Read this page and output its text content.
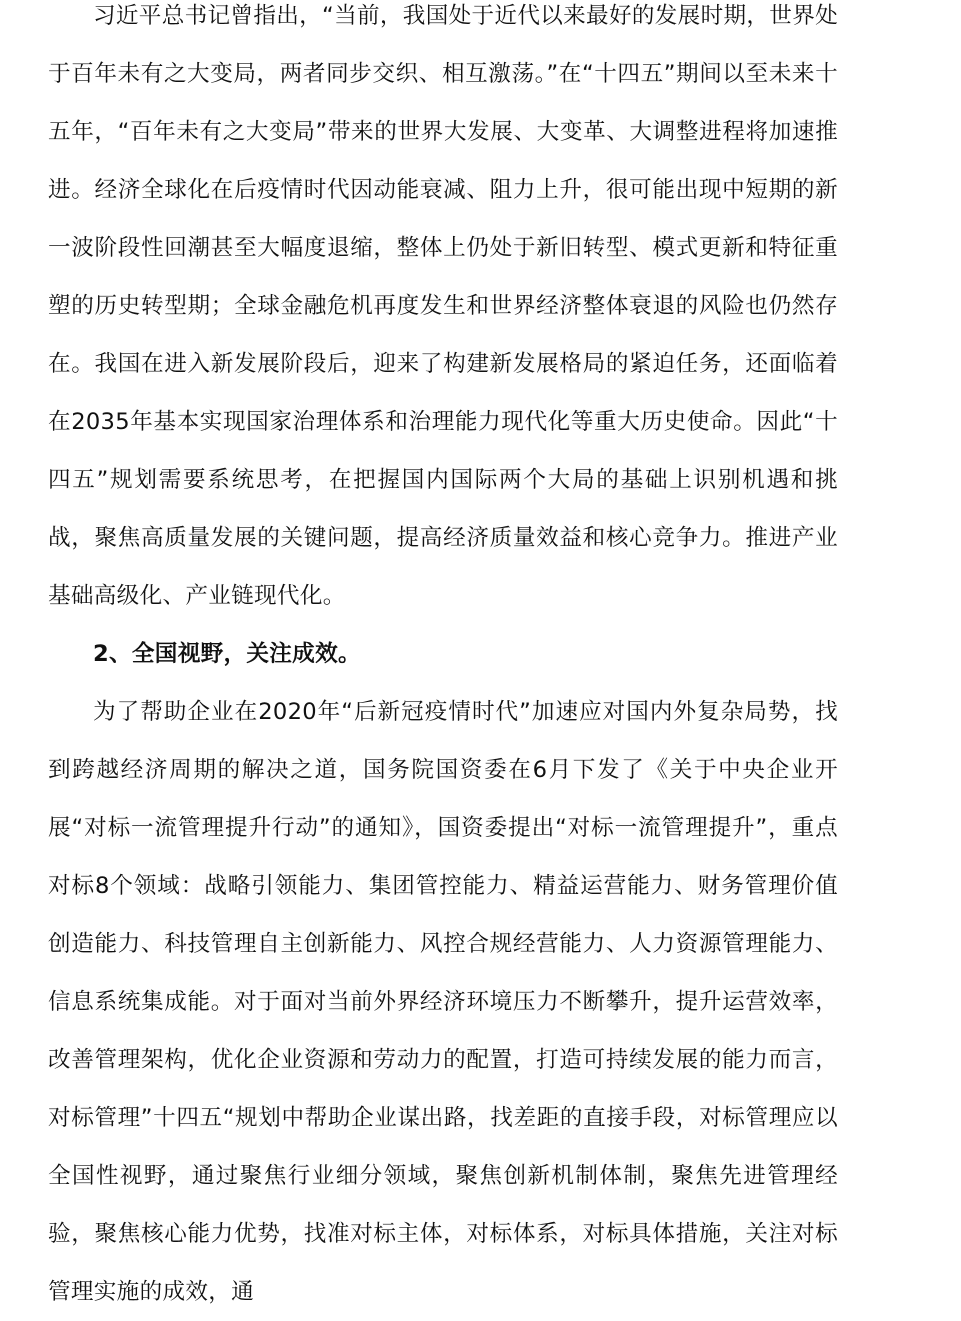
习近平总书记曾指出，“当前，我国处于近代以来最好的发展时期，世界处于百年未有之大变局，两者同步交织、相互激荡。”在“十四五”期间以至未来十五年，“百年未有之大变局”带来的世界大发展、大变革、大调整进程将加速推进。经济全球化在后疫情时代因动能衰减、阻力上升，很可能出现中短期的新一波阶段性回潮甚至大幅度退缩，整体上仍处于新旧转型、模式更新和特征重塑的历史转型期；全球金融危机再度发生和世界经济整体衰退的风险也仍然存在。我国在进入新发展阶段后，迎来了构建新发展格局的紧迫任务，还面临着在2035年基本实现国家治理体系和治理能力现代化等重大历史使命。因此“十四五”规划需要系统思考，在把握国内国际两个大局的基础上识别机遇和挑战，聚焦高质量发展的关键问题，提高经济质量效益和核心竞争力。推进产业基础高级化、产业链现代化。

2、全国视野，关注成效。

为了帮助企业在2020年“后新冠疫情时代”加速应对国内外复杂局势，找到跨越经济周期的解决之道，国务院国资委在6月下发了《关于中央企业开展“对标一流管理提升行动”的通知》，国资委提出“对标一流管理提升”，重点对标8个领域：战略引领能力、集团管控能力、精益运营能力、财务管理价值创造能力、科技管理自主创新能力、风控合规经营能力、人力资源管理能力、信息系统集成能。对于面对当前外界经济环境压力不断攀升，提升运营效率，改善管理架构，优化企业资源和劳动力的配置，打造可持续发展的能力而言，对标管理”十四五“规划中帮助企业谋出路，找差距的直接手段，对标管理应以全国性视野，通过聚焦行业细分领域，聚焦创新机制体制，聚焦先进管理经验，聚焦核心能力优势，找准对标主体，对标体系，对标具体措施，关注对标管理实施的成效，通
